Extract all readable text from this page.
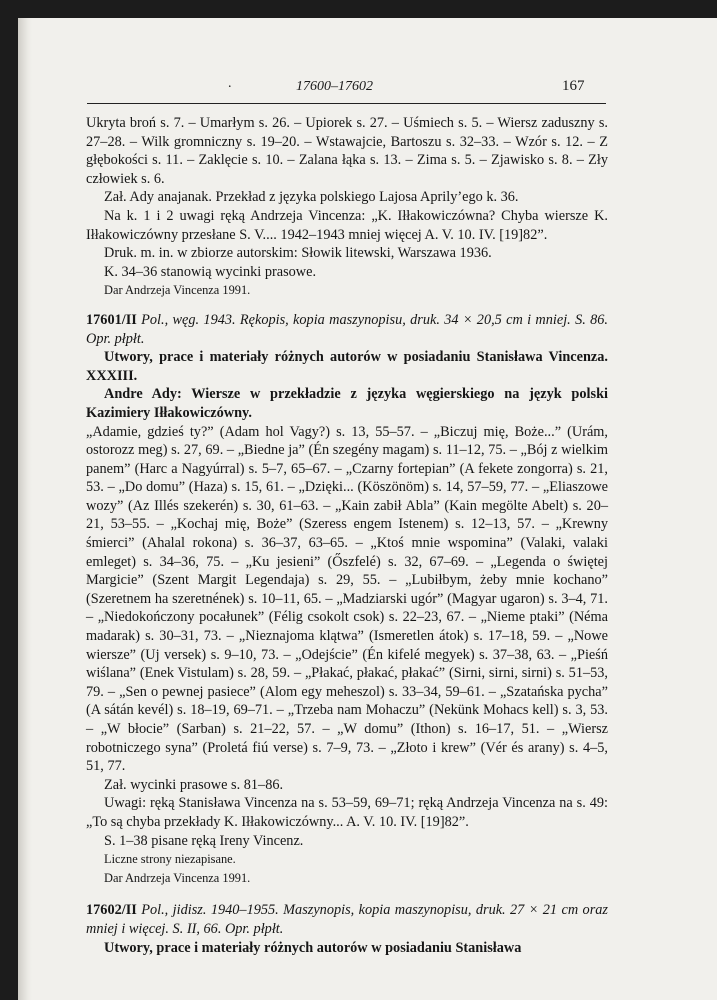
.	17600–17602	167

Ukryta broń s. 7. – Umarłym s. 26. – Upiorek s. 27. – Uśmiech s. 5. – Wiersz zaduszny s. 27–28. – Wilk gromniczny s. 19–20. – Wstawajcie, Bartoszu s. 32–33. – Wzór s. 12. – Z głębokości s. 11. – Zaklęcie s. 10. – Zalana łąka s. 13. – Zima s. 5. – Zjawisko s. 8. – Zły człowiek s. 6.

Zał. Ady anajanak. Przekład z języka polskiego Lajosa Aprily’ego k. 36.

Na k. 1 i 2 uwagi ręką Andrzeja Vincenza: „K. Iłłakowiczówna? Chyba wiersze K. Iłłakowiczówny przesłane S. V.... 1942–1943 mniej więcej A. V. 10. IV. [19]82”.

Druk. m. in. w zbiorze autorskim: Słowik litewski, Warszawa 1936.

K. 34–36 stanowią wycinki prasowe.

Dar Andrzeja Vincenza 1991.

17601/II Pol., węg. 1943. Rękopis, kopia maszynopisu, druk. 34 × 20,5 cm i mniej. S. 86. Opr. płpłt.

Utwory, prace i materiały różnych autorów w posiadaniu Stanisława Vincenza. XXXIII.

Andre Ady: Wiersze w przekładzie z języka węgierskiego na język polski Kazimiery Iłłakowiczówny.

„Adamie, gdzieś ty?” (Adam hol Vagy?) s. 13, 55–57. – „Biczuj mię, Boże...” (Urám, ostorozz meg) s. 27, 69. – „Biedne ja” (Én szegény magam) s. 11–12, 75. – „Bój z wielkim panem” (Harc a Nagyúrral) s. 5–7, 65–67. – „Czarny fortepian” (A fekete zongorra) s. 21, 53. – „Do domu” (Haza) s. 15, 61. – „Dzięki... (Köszönöm) s. 14, 57–59, 77. – „Eliaszowe wozy” (Az Illés szekerén) s. 30, 61–63. – „Kain zabił Abla” (Kain megölte Abelt) s. 20–21, 53–55. – „Kochaj mię, Boże” (Szeress engem Istenem) s. 12–13, 57. – „Krewny śmierci” (Ahalal rokona) s. 36–37, 63–65. – „Ktoś mnie wspomina” (Valaki, valaki emleget) s. 34–36, 75. – „Ku jesieni” (Őszfelé) s. 32, 67–69. – „Legenda o świętej Margicie” (Szent Margit Legendaja) s. 29, 55. – „Lubiłbym, żeby mnie kochano” (Szeretnem ha szeretnének) s. 10–11, 65. – „Madziarski ugór” (Magyar ugaron) s. 3–4, 71. – „Niedokończony pocałunek” (Félig csokolt csok) s. 22–23, 67. – „Nieme ptaki” (Néma madarak) s. 30–31, 73. – „Nieznajoma klątwa” (Ismeretlen átok) s. 17–18, 59. – „Nowe wiersze” (Uj versek) s. 9–10, 73. – „Odejście” (Én kifelé megyek) s. 37–38, 63. – „Pieśń wiślana” (Enek Vistulam) s. 28, 59. – „Płakać, płakać, płakać” (Sirni, sirni, sirni) s. 51–53, 79. – „Sen o pewnej pasiece” (Alom egy meheszol) s. 33–34, 59–61. – „Szatańska pycha” (A sátán kevél) s. 18–19, 69–71. – „Trzeba nam Mohaczu” (Nekünk Mohacs kell) s. 3, 53. – „W błocie” (Sarban) s. 21–22, 57. – „W domu” (Ithon) s. 16–17, 51. – „Wiersz robotniczego syna” (Proletá fiú verse) s. 7–9, 73. – „Złoto i krew” (Vér és arany) s. 4–5, 51, 77.

Zał. wycinki prasowe s. 81–86.

Uwagi: ręką Stanisława Vincenza na s. 53–59, 69–71; ręką Andrzeja Vincenza na s. 49: „To są chyba przekłady K. Iłłakowiczówny... A. V. 10. IV. [19]82”.

S. 1–38 pisane ręką Ireny Vincenz.

Liczne strony niezapisane.

Dar Andrzeja Vincenza 1991.

17602/II Pol., jidisz. 1940–1955. Maszynopis, kopia maszynopisu, druk. 27 × 21 cm oraz mniej i więcej. S. II, 66. Opr. płpłt.

Utwory, prace i materiały różnych autorów w posiadaniu Stanisława
